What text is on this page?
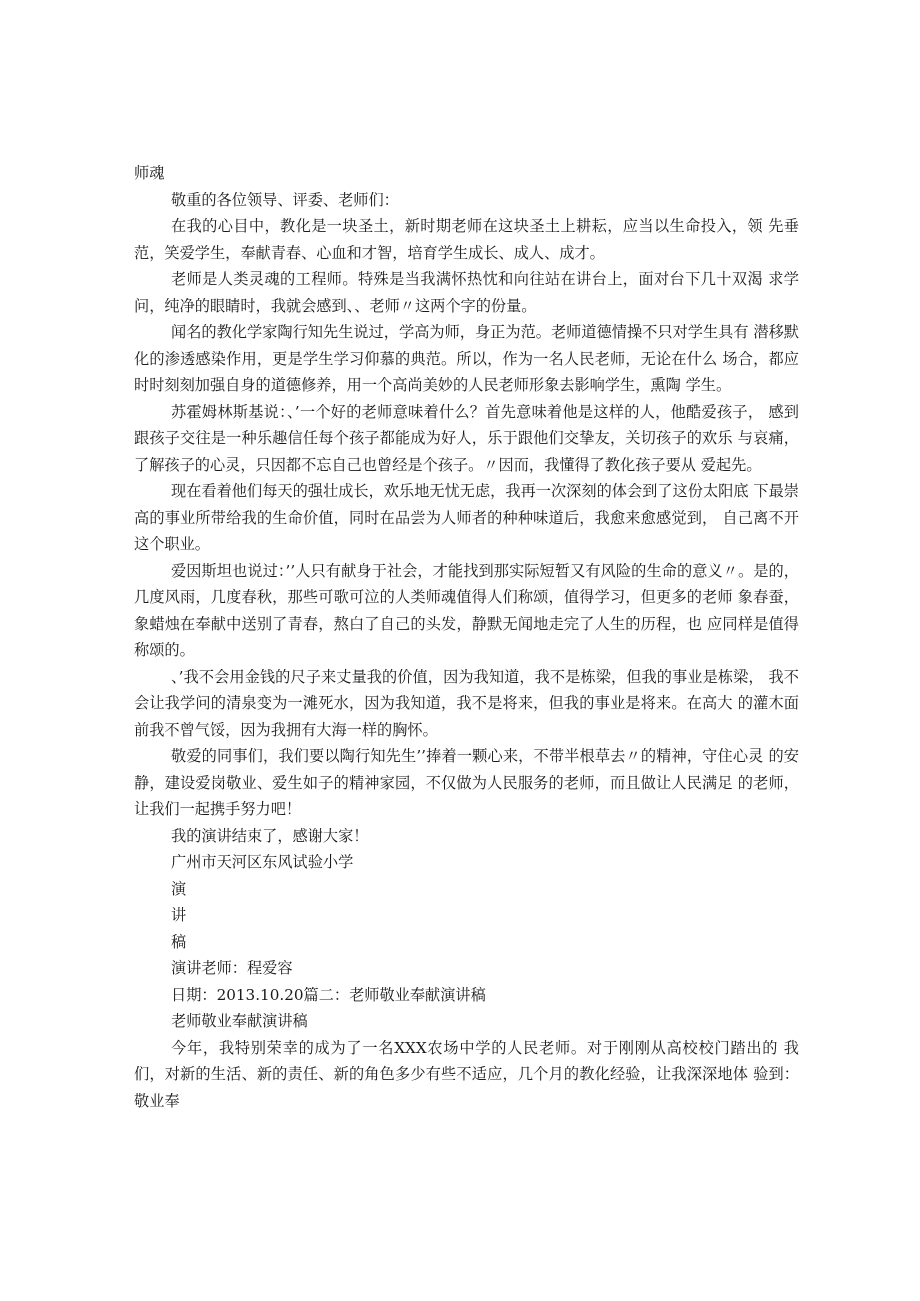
师魂

敬重的各位领导、评委、老师们：

在我的心目中，教化是一块圣土，新时期老师在这块圣土上耕耘，应当以生命投入，领 先垂范，笑爱学生，奉献青春、心血和才智，培育学生成长、成人、成才。

老师是人类灵魂的工程师。特殊是当我满怀热忱和向往站在讲台上，面对台下几十双渴 求学问，纯净的眼睛时，我就会感到、、老师〃这两个字的份量。

闻名的教化学家陶行知先生说过，学高为师，身正为范。老师道德情操不只对学生具有 潜移默化的渗透感染作用，更是学生学习仰慕的典范。所以，作为一名人民老师，无论在什么 场合，都应时时刻刻加强自身的道德修养，用一个高尚美妙的人民老师形象去影响学生，熏陶 学生。

苏霍姆林斯基说：、’一个好的老师意味着什么？首先意味着他是这样的人，他酷爱孩子， 感到跟孩子交往是一种乐趣信任每个孩子都能成为好人，乐于跟他们交挚友，关切孩子的欢乐 与哀痛，了解孩子的心灵，只因都不忘自己也曾经是个孩子。〃因而，我懂得了教化孩子要从 爱起先。

现在看着他们每天的强壮成长，欢乐地无忧无虑，我再一次深刻的体会到了这份太阳底 下最崇高的事业所带给我的生命价值，同时在品尝为人师者的种种味道后，我愈来愈感觉到， 自己离不开这个职业。

爱因斯坦也说过：’’人只有献身于社会，才能找到那实际短暂又有风险的生命的意义〃。是的，几度风雨，几度春秋，那些可歌可泣的人类师魂值得人们称颂，值得学习，但更多的老师 象春蚕，象蜡烛在奉献中送别了青春，熬白了自己的头发，静默无闻地走完了人生的历程，也 应同样是值得称颂的。

、’我不会用金钱的尺子来丈量我的价值，因为我知道，我不是栋梁，但我的事业是栋梁， 我不会让我学问的清泉变为一滩死水，因为我知道，我不是将来，但我的事业是将来。在高大 的灌木面前我不曾气馁，因为我拥有大海一样的胸怀。

敬爱的同事们，我们要以陶行知先生’’捧着一颗心来，不带半根草去〃的精神，守住心灵 的安静，建设爱岗敬业、爱生如子的精神家园，不仅做为人民服务的老师，而且做让人民满足 的老师，让我们一起携手努力吧！

我的演讲结束了，感谢大家！

广州市天河区东风试验小学

演

讲

稿

演讲老师：程爱容

日期：2013.10.20篇二：老师敬业奉献演讲稿

老师敬业奉献演讲稿

今年，我特别荣幸的成为了一名XXX农场中学的人民老师。对于刚刚从高校校门踏出的 我们，对新的生活、新的责任、新的角色多少有些不适应，几个月的教化经验，让我深深地体 验到：敬业奉
